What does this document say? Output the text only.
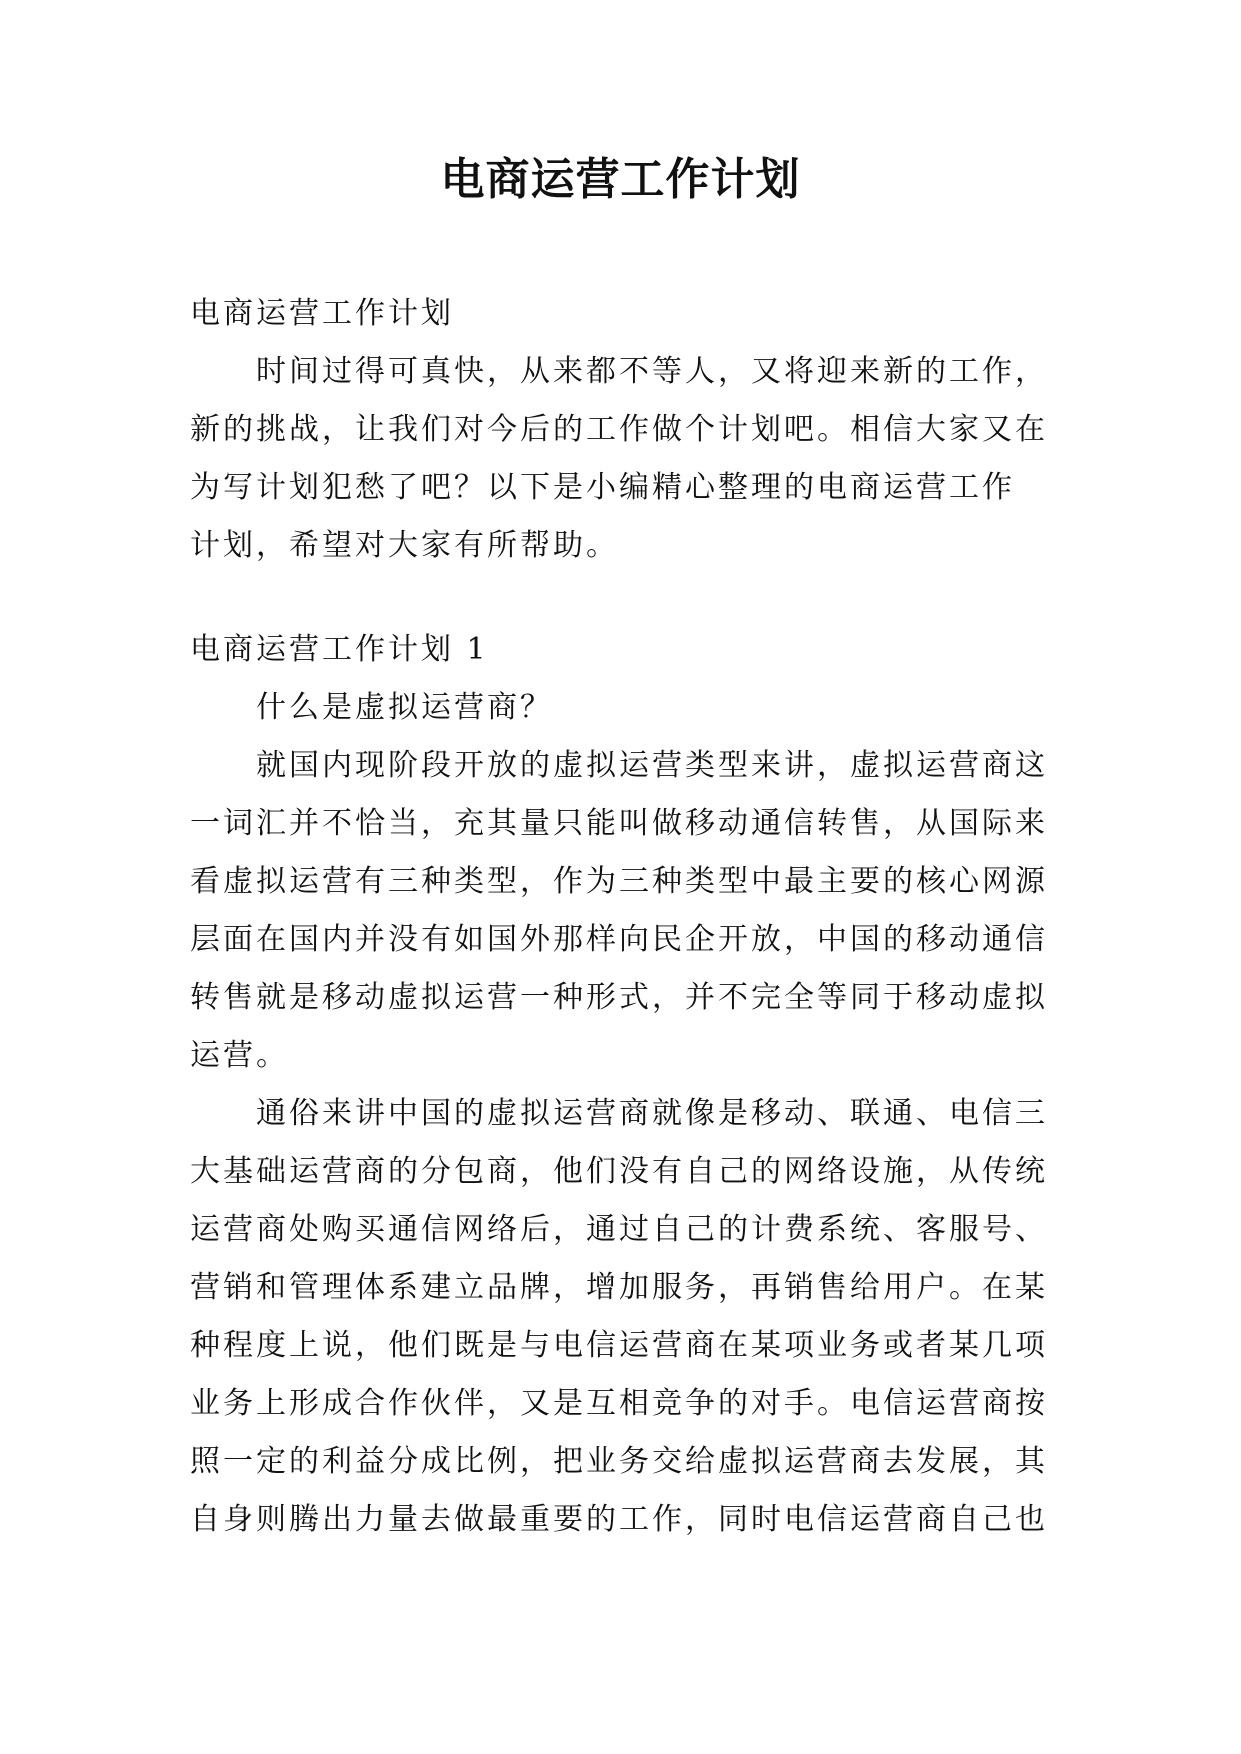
电商运营工作计划

电商运营工作计划

时间过得可真快，从来都不等人，又将迎来新的工作，

新的挑战，让我们对今后的工作做个计划吧。相信大家又在

为写计划犯愁了吧？以下是小编精心整理的电商运营工作

计划，希望对大家有所帮助。

电商运营工作计划 1

什么是虚拟运营商？

就国内现阶段开放的虚拟运营类型来讲，虚拟运营商这

一词汇并不恰当，充其量只能叫做移动通信转售，从国际来

看虚拟运营有三种类型，作为三种类型中最主要的核心网源

层面在国内并没有如国外那样向民企开放，中国的移动通信

转售就是移动虚拟运营一种形式，并不完全等同于移动虚拟

运营。

通俗来讲中国的虚拟运营商就像是移动、联通、电信三

大基础运营商的分包商，他们没有自己的网络设施，从传统

运营商处购买通信网络后，通过自己的计费系统、客服号、

营销和管理体系建立品牌，增加服务，再销售给用户。在某

种程度上说，他们既是与电信运营商在某项业务或者某几项

业务上形成合作伙伴，又是互相竞争的对手。电信运营商按

照一定的利益分成比例，把业务交给虚拟运营商去发展，其

自身则腾出力量去做最重要的工作，同时电信运营商自己也
